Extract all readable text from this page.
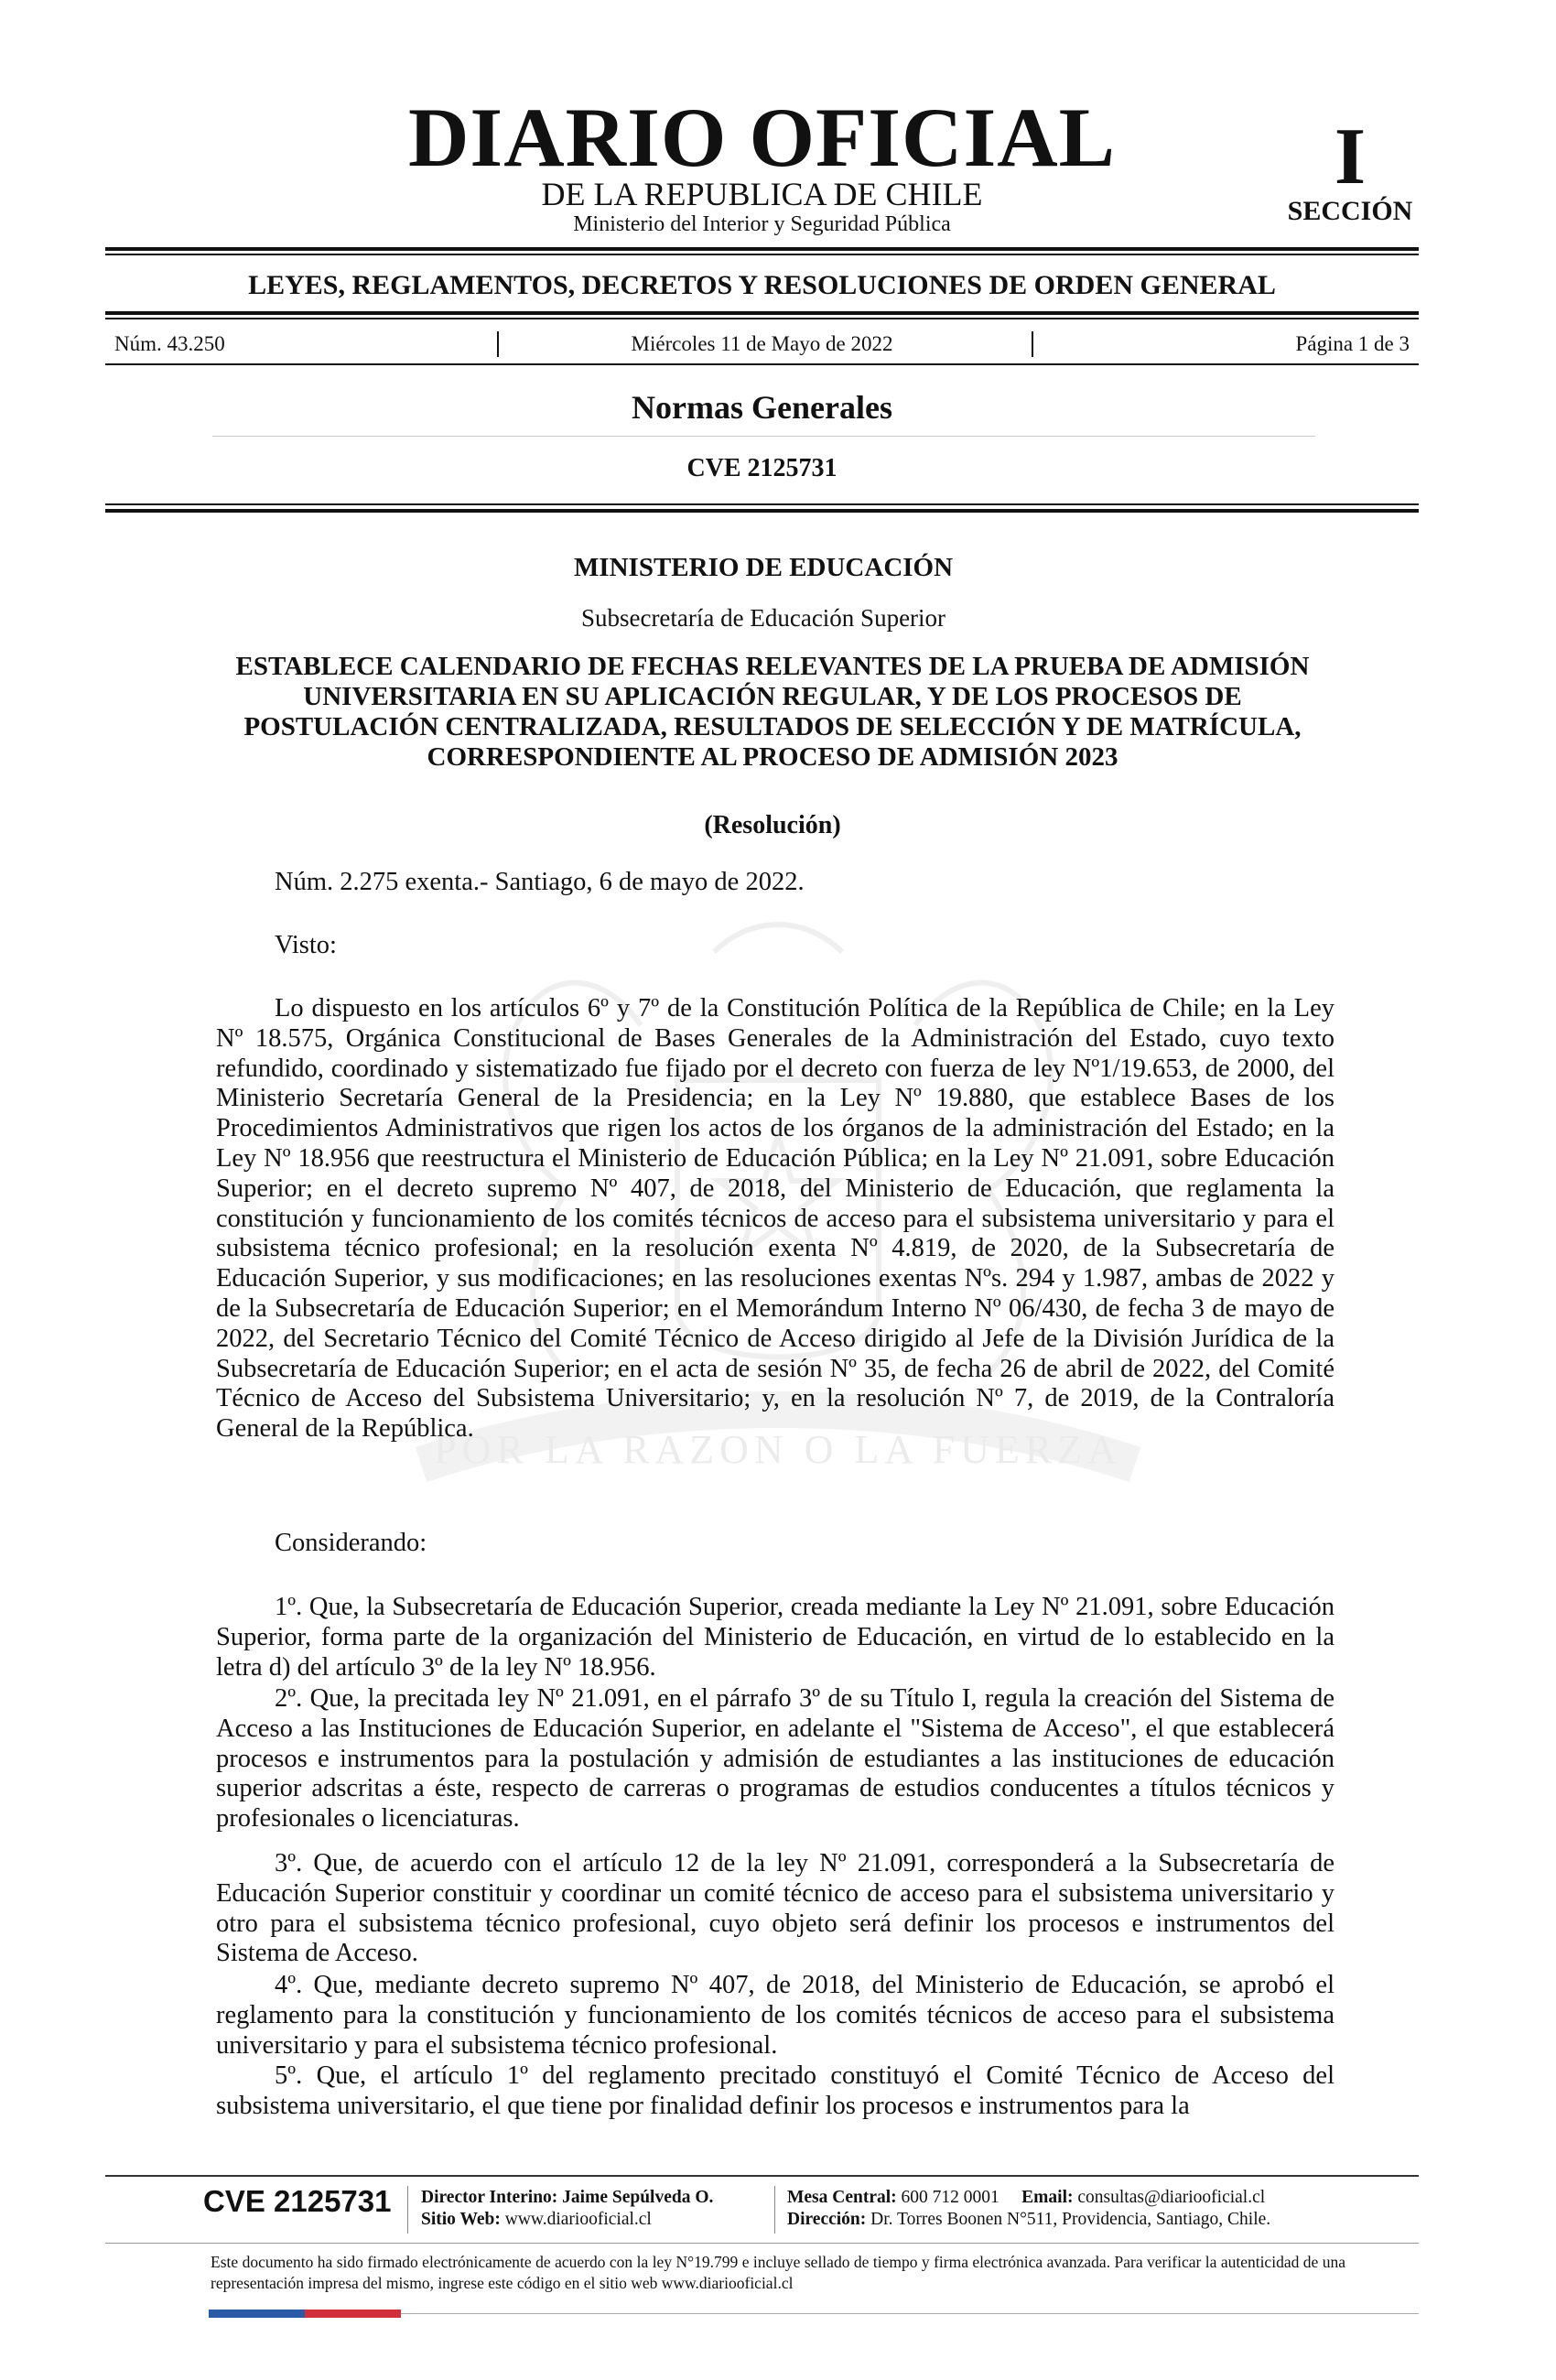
DIARIO OFICIAL
DE LA REPUBLICA DE CHILE
Ministerio del Interior y Seguridad Pública
I
SECCIÓN
LEYES, REGLAMENTOS, DECRETOS Y RESOLUCIONES DE ORDEN GENERAL
Núm. 43.250	Miércoles 11 de Mayo de 2022	Página 1 de 3
Normas Generales
CVE 2125731
POR LA RAZON O LA FUERZA
MINISTERIO DE EDUCACIÓN
Subsecretaría de Educación Superior

ESTABLECE CALENDARIO DE FECHAS RELEVANTES DE LA PRUEBA DE ADMISIÓN UNIVERSITARIA EN SU APLICACIÓN REGULAR, Y DE LOS PROCESOS DE POSTULACIÓN CENTRALIZADA, RESULTADOS DE SELECCIÓN Y DE MATRÍCULA, CORRESPONDIENTE AL PROCESO DE ADMISIÓN 2023

(Resolución)

Núm. 2.275 exenta.- Santiago, 6 de mayo de 2022.

Visto:

Lo dispuesto en los artículos 6º y 7º de la Constitución Política de la República de Chile; en la Ley Nº 18.575, Orgánica Constitucional de Bases Generales de la Administración del Estado, cuyo texto refundido, coordinado y sistematizado fue fijado por el decreto con fuerza de ley Nº1/19.653, de 2000, del Ministerio Secretaría General de la Presidencia; en la Ley Nº 19.880, que establece Bases de los Procedimientos Administrativos que rigen los actos de los órganos de la administración del Estado; en la Ley Nº 18.956 que reestructura el Ministerio de Educación Pública; en la Ley Nº 21.091, sobre Educación Superior; en el decreto supremo Nº 407, de 2018, del Ministerio de Educación, que reglamenta la constitución y funcionamiento de los comités técnicos de acceso para el subsistema universitario y para el subsistema técnico profesional; en la resolución exenta Nº 4.819, de 2020, de la Subsecretaría de Educación Superior, y sus modificaciones; en las resoluciones exentas Nºs. 294 y 1.987, ambas de 2022 y de la Subsecretaría de Educación Superior; en el Memorándum Interno Nº 06/430, de fecha 3 de mayo de 2022, del Secretario Técnico del Comité Técnico de Acceso dirigido al Jefe de la División Jurídica de la Subsecretaría de Educación Superior; en el acta de sesión Nº 35, de fecha 26 de abril de 2022, del Comité Técnico de Acceso del Subsistema Universitario; y, en la resolución Nº 7, de 2019, de la Contraloría General de la República.

Considerando:

1º. Que, la Subsecretaría de Educación Superior, creada mediante la Ley Nº 21.091, sobre Educación Superior, forma parte de la organización del Ministerio de Educación, en virtud de lo establecido en la letra d) del artículo 3º de la ley Nº 18.956.

2º. Que, la precitada ley Nº 21.091, en el párrafo 3º de su Título I, regula la creación del Sistema de Acceso a las Instituciones de Educación Superior, en adelante el "Sistema de Acceso", el que establecerá procesos e instrumentos para la postulación y admisión de estudiantes a las instituciones de educación superior adscritas a éste, respecto de carreras o programas de estudios conducentes a títulos técnicos y profesionales o licenciaturas.

3º. Que, de acuerdo con el artículo 12 de la ley Nº 21.091, corresponderá a la Subsecretaría de Educación Superior constituir y coordinar un comité técnico de acceso para el subsistema universitario y otro para el subsistema técnico profesional, cuyo objeto será definir los procesos e instrumentos del Sistema de Acceso.

4º. Que, mediante decreto supremo Nº 407, de 2018, del Ministerio de Educación, se aprobó el reglamento para la constitución y funcionamiento de los comités técnicos de acceso para el subsistema universitario y para el subsistema técnico profesional.

5º. Que, el artículo 1º del reglamento precitado constituyó el Comité Técnico de Acceso del subsistema universitario, el que tiene por finalidad definir los procesos e instrumentos para la

CVE 2125731 Director Interino: Jaime Sepúlveda O.
Sitio Web: www.diariooficial.cl
Mesa Central: 600 712 0001 Email: consultas@diariooficial.cl
Dirección: Dr. Torres Boonen N°511, Providencia, Santiago, Chile.
Este documento ha sido firmado electrónicamente de acuerdo con la ley N°19.799 e incluye sellado de tiempo y firma electrónica avanzada. Para verificar la autenticidad de una representación impresa del mismo, ingrese este código en el sitio web www.diariooficial.cl
